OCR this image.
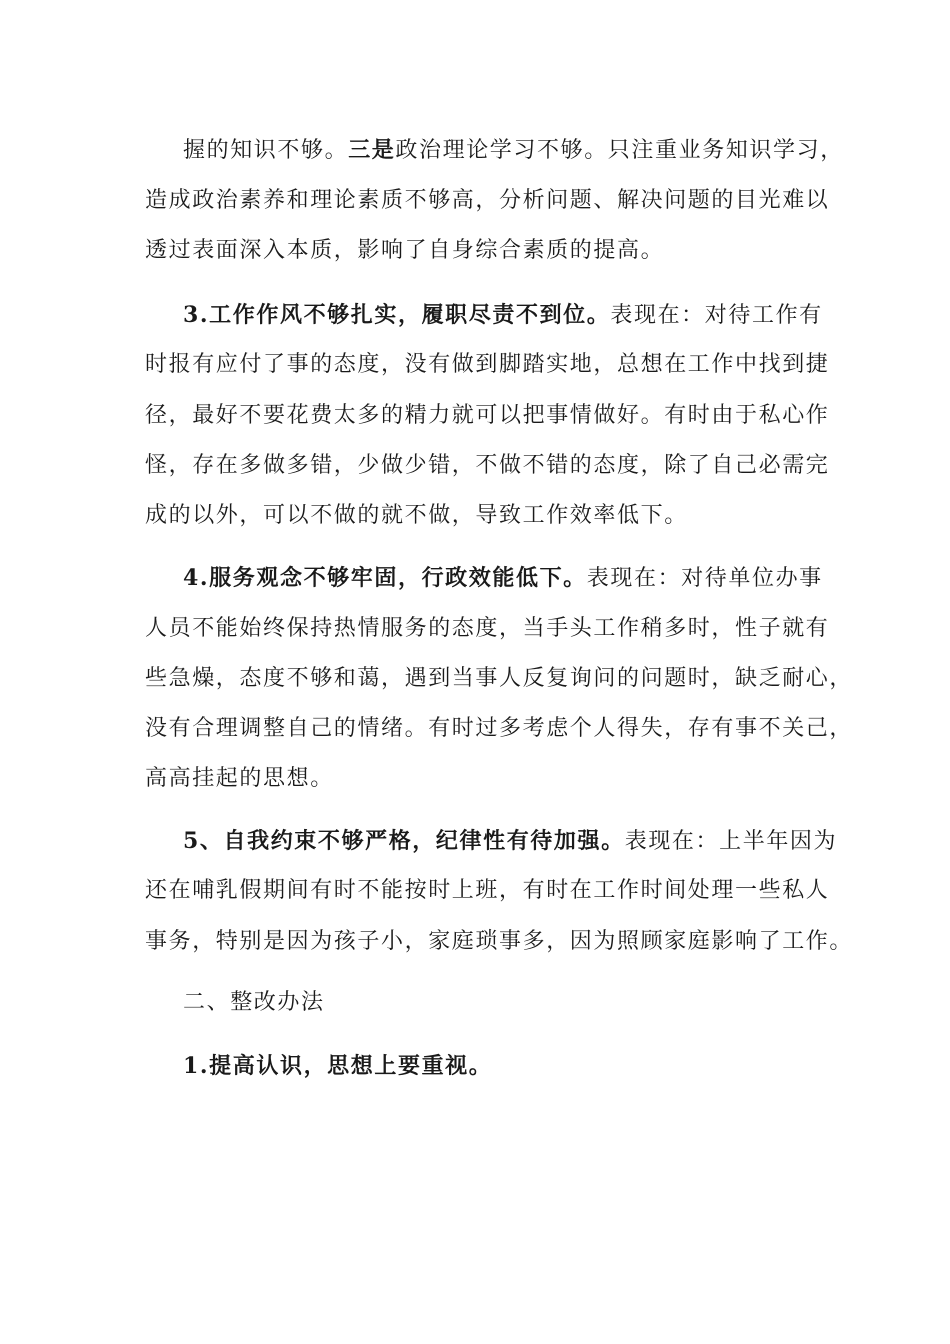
握的知识不够。三是政治理论学习不够。只注重业务知识学习，
造成政治素养和理论素质不够高，分析问题、解决问题的目光难以
透过表面深入本质，影响了自身综合素质的提高。
3.工作作风不够扎实，履职尽责不到位。表现在：对待工作有
时报有应付了事的态度，没有做到脚踏实地，总想在工作中找到捷
径，最好不要花费太多的精力就可以把事情做好。有时由于私心作
怪，存在多做多错，少做少错，不做不错的态度，除了自己必需完
成的以外，可以不做的就不做，导致工作效率低下。
4.服务观念不够牢固，行政效能低下。表现在：对待单位办事
人员不能始终保持热情服务的态度，当手头工作稍多时，性子就有
些急燥，态度不够和蔼，遇到当事人反复询问的问题时，缺乏耐心，
没有合理调整自己的情绪。有时过多考虑个人得失，存有事不关己，
高高挂起的思想。
5、自我约束不够严格，纪律性有待加强。表现在：上半年因为
还在哺乳假期间有时不能按时上班，有时在工作时间处理一些私人
事务，特别是因为孩子小，家庭琐事多，因为照顾家庭影响了工作。
二、整改办法
1.提高认识，思想上要重视。
